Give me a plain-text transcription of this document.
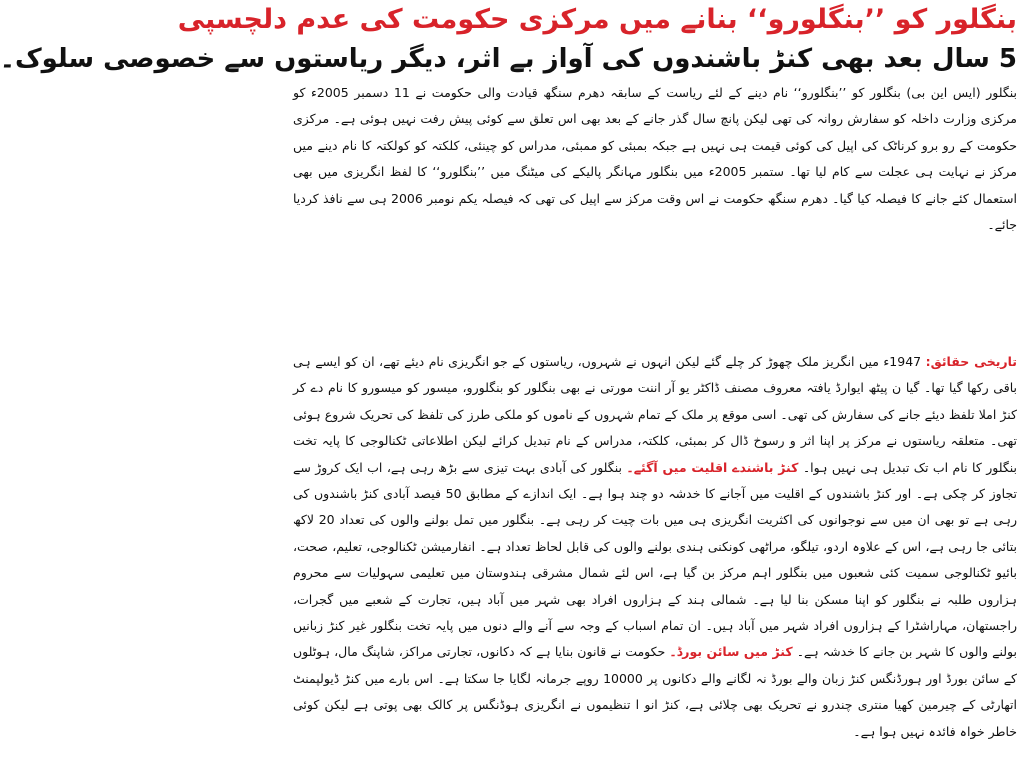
بنگلور کو ’’بنگلورو‘‘ بنانے میں مرکزی حکومت کی عدم دلچسپی
5 سال بعد بھی کنڑ باشندوں کی آواز بے اثر، دیگر ریاستوں سے خصوصی سلوک۔

بنگلور (ایس این بی) بنگلور کو ’’بنگلورو‘‘ نام دینے کے لئے ریاست کے سابقہ دھرم سنگھ قیادت والی حکومت نے 11 دسمبر 2005ء کو مرکزی وزارت داخلہ کو سفارش روانہ کی تھی لیکن پانچ سال گذر جانے کے بعد بھی اس تعلق سے کوئی پیش رفت نہیں ہوئی ہے۔ مرکزی حکومت کے رو برو کرناٹک کی اپیل کی کوئی قیمت ہی نہیں ہے جبکہ بمبئی کو ممبئی، مدراس کو چینئی، کلکتہ کو کولکتہ کا نام دینے میں مرکز نے نہایت ہی عجلت سے کام لیا تھا۔ ستمبر 2005ء میں بنگلور مہانگر پالیکے کی میٹنگ میں ’’بنگلورو‘‘ کا لفظ انگریزی میں بھی استعمال کئے جانے کا فیصلہ کیا گیا۔ دھرم سنگھ حکومت نے اس وقت مرکز سے اپیل کی تھی کہ فیصلہ یکم نومبر 2006 ہی سے نافذ کردیا جائے۔

تاریخی حقائق: 1947ء میں انگریز ملک چھوڑ کر چلے گئے لیکن انہوں نے شہروں، ریاستوں کے جو انگریزی نام دیئے تھے، ان کو ایسے ہی باقی رکھا گیا تھا۔ گیا ن پیٹھ ایوارڈ یافتہ معروف مصنف ڈاکٹر یو آر اننت مورتی نے بھی بنگلور کو بنگلورو، میسور کو میسورو کا نام دے کر کنڑ املا تلفظ دیئے جانے کی سفارش کی تھی۔ اسی موقع پر ملک کے تمام شہروں کے ناموں کو ملکی طرز کی تلفظ کی تحریک شروع ہوئی تھی۔ متعلقہ ریاستوں نے مرکز پر اپنا اثر و رسوخ ڈال کر بمبئی، کلکتہ، مدراس کے نام تبدیل کرائے لیکن اطلاعاتی ٹکنالوجی کا پایہ تخت بنگلور کا نام اب تک تبدیل ہی نہیں ہوا۔ کنڑ باشندے اقلیت میں آگئے۔ بنگلور کی آبادی بہت تیزی سے بڑھ رہی ہے، اب ایک کروڑ سے تجاوز کر چکی ہے۔ اور کنڑ باشندوں کے اقلیت میں آجانے کا خدشہ دو چند ہوا ہے۔ ایک اندازے کے مطابق 50 فیصد آبادی کنڑ باشندوں کی رہی ہے تو بھی ان میں سے نوجوانوں کی اکثریت انگریزی ہی میں بات چیت کر رہی ہے۔ بنگلور میں تمل بولنے والوں کی تعداد 20 لاکھ بتائی جا رہی ہے، اس کے علاوہ اردو، تیلگو، مراٹھی کونکنی ہندی بولنے والوں کی قابل لحاظ تعداد ہے۔ انفارمیشن ٹکنالوجی، تعلیم، صحت، بائیو ٹکنالوجی سمیت کئی شعبوں میں بنگلور اہم مرکز بن گیا ہے، اس لئے شمال مشرقی ہندوستان میں تعلیمی سہولیات سے محروم ہزاروں طلبہ نے بنگلور کو اپنا مسکن بنا لیا ہے۔ شمالی ہند کے ہزاروں افراد بھی شہر میں آباد ہیں، تجارت کے شعبے میں گجرات، راجستھان، مہاراشٹرا کے ہزاروں افراد شہر میں آباد ہیں۔ ان تمام اسباب کے وجہ سے آنے والے دنوں میں پایہ تخت بنگلور غیر کنڑ زبانیں بولنے والوں کا شہر بن جانے کا خدشہ ہے۔ کنڑ میں سائن بورڈ۔ حکومت نے قانون بنایا ہے کہ دکانوں، تجارتی مراکز، شاپنگ مال، ہوٹلوں کے سائن بورڈ اور ہورڈنگس کنڑ زبان والے بورڈ نہ لگانے والے دکانوں پر 10000 روپے جرمانہ لگایا جا سکتا ہے۔ اس بارے میں کنڑ ڈیولپمنٹ اتھارٹی کے چیرمین کھیا منتری چندرو نے تحریک بھی چلائی ہے، کنڑ انو ا تنظیموں نے انگریزی ہوڈنگس پر کالک بھی پوتی ہے لیکن کوئی خاطر خواہ فائدہ نہیں ہوا ہے۔
